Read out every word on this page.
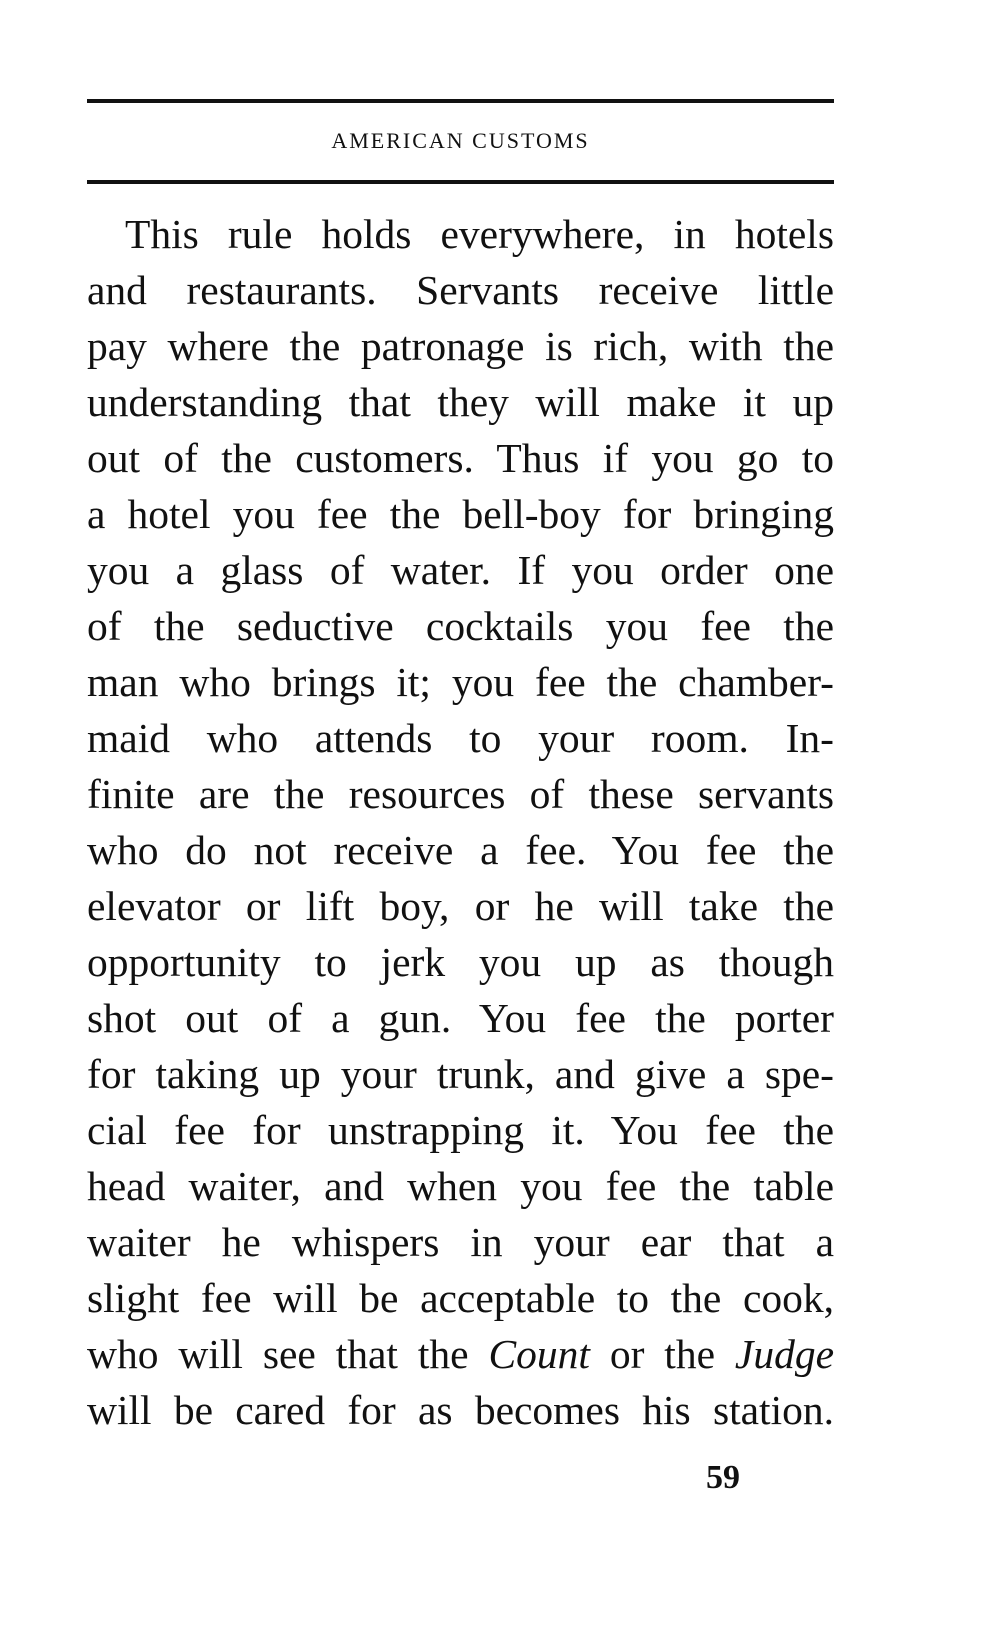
AMERICAN CUSTOMS
This rule holds everywhere, in hotels
and restaurants. Servants receive little
pay where the patronage is rich, with the
understanding that they will make it up
out of the customers. Thus if you go to
a hotel you fee the bell-boy for bringing
you a glass of water. If you order one
of the seductive cocktails you fee the
man who brings it; you fee the chamber-
maid who attends to your room. In-
finite are the resources of these servants
who do not receive a fee. You fee the
elevator or lift boy, or he will take the
opportunity to jerk you up as though
shot out of a gun. You fee the porter
for taking up your trunk, and give a spe-
cial fee for unstrapping it. You fee the
head waiter, and when you fee the table
waiter he whispers in your ear that a
slight fee will be acceptable to the cook,
who will see that the Count or the Judge
will be cared for as becomes his station.
59
